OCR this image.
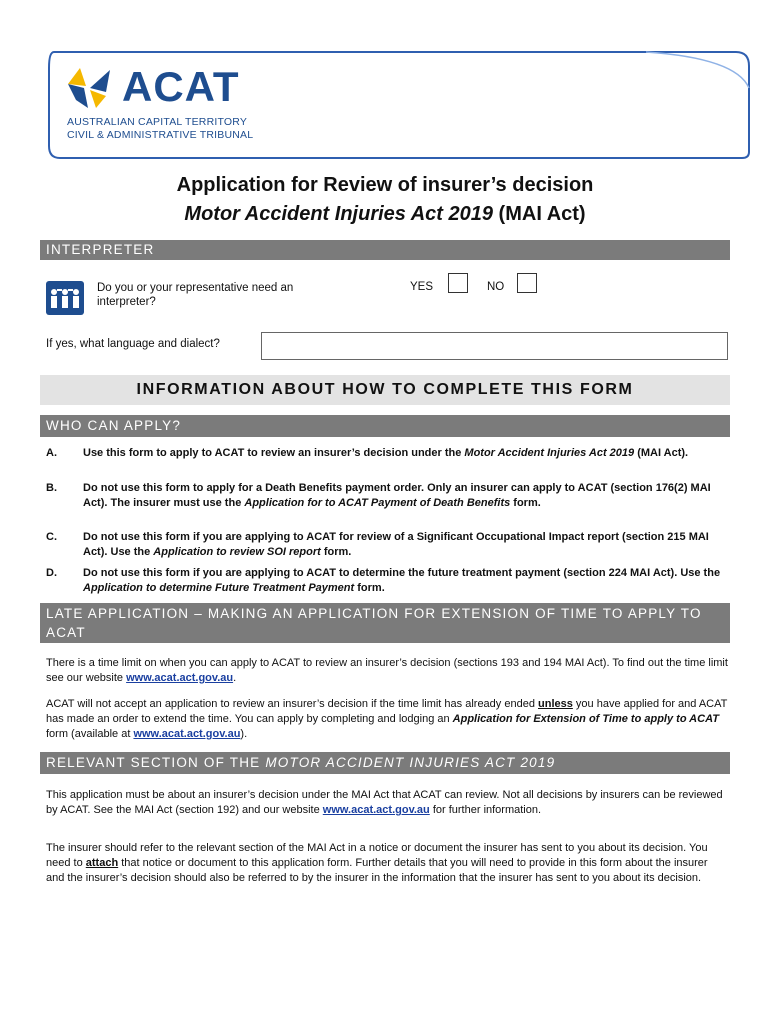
ACAT
AUSTRALIAN CAPITAL TERRITORY
CIVIL & ADMINISTRATIVE TRIBUNAL
Application for Review of insurer’s decision
Motor Accident Injuries Act 2019 (MAI Act)
INTERPRETER
Do you or your representative need an interpreter?
YES	NO
If yes, what language and dialect?
INFORMATION ABOUT HOW TO COMPLETE THIS FORM
WHO CAN APPLY?
A. Use this form to apply to ACAT to review an insurer’s decision under the Motor Accident Injuries Act 2019 (MAI Act).
B. Do not use this form to apply for a Death Benefits payment order. Only an insurer can apply to ACAT (section 176(2) MAI Act). The insurer must use the Application for to ACAT Payment of Death Benefits form.
C. Do not use this form if you are applying to ACAT for review of a Significant Occupational Impact report (section 215 MAI Act). Use the Application to review SOI report form.
D. Do not use this form if you are applying to ACAT to determine the future treatment payment (section 224 MAI Act). Use the Application to determine Future Treatment Payment form.
LATE APPLICATION – MAKING AN APPLICATION FOR EXTENSION OF TIME TO APPLY TO ACAT
There is a time limit on when you can apply to ACAT to review an insurer’s decision (sections 193 and 194 MAI Act). To find out the time limit see our website www.acat.act.gov.au.
ACAT will not accept an application to review an insurer’s decision if the time limit has already ended unless you have applied for and ACAT has made an order to extend the time. You can apply by completing and lodging an Application for Extension of Time to apply to ACAT form (available at www.acat.act.gov.au).
RELEVANT SECTION OF THE MOTOR ACCIDENT INJURIES ACT 2019
This application must be about an insurer’s decision under the MAI Act that ACAT can review. Not all decisions by insurers can be reviewed by ACAT. See the MAI Act (section 192) and our website www.acat.act.gov.au for further information.
The insurer should refer to the relevant section of the MAI Act in a notice or document the insurer has sent to you about its decision. You need to attach that notice or document to this application form. Further details that you will need to provide in this form about the insurer and the insurer’s decision should also be referred to by the insurer in the information that the insurer has sent to you about its decision.
